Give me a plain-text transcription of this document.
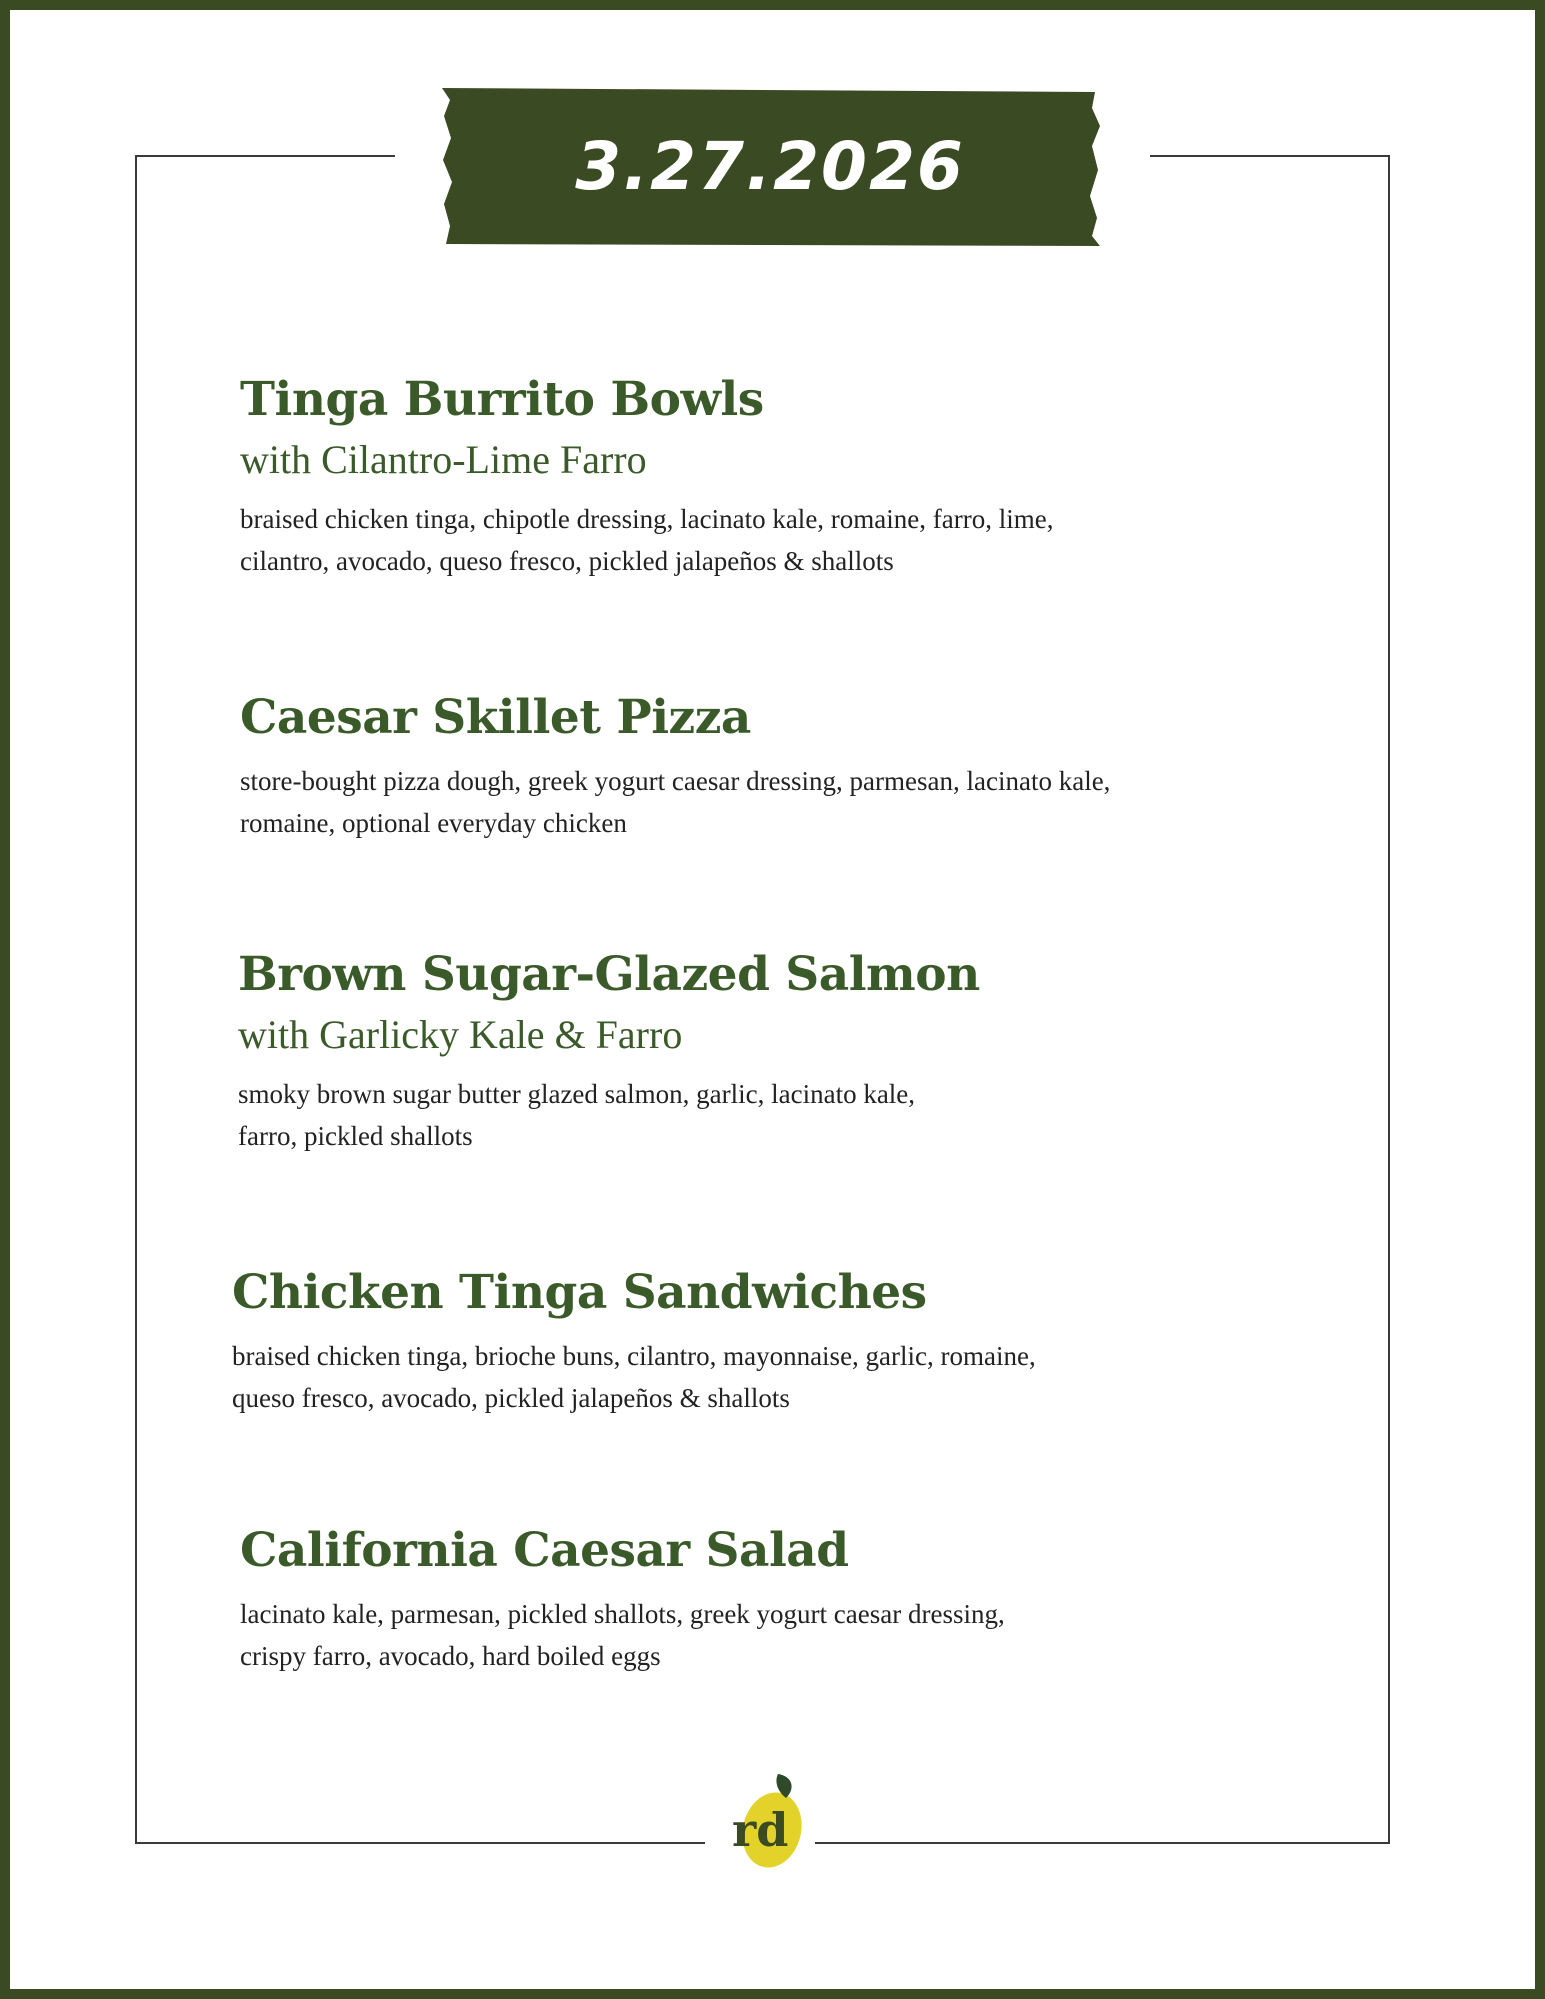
3.27.2026
Tinga Burrito Bowls
with Cilantro-Lime Farro
braised chicken tinga, chipotle dressing, lacinato kale, romaine, farro, lime,
cilantro, avocado, queso fresco, pickled jalapeños & shallots
Caesar Skillet Pizza
store-bought pizza dough, greek yogurt caesar dressing, parmesan, lacinato kale,
romaine, optional everyday chicken
Brown Sugar-Glazed Salmon
with Garlicky Kale & Farro
smoky brown sugar butter glazed salmon, garlic, lacinato kale,
farro, pickled shallots
Chicken Tinga Sandwiches
braised chicken tinga, brioche buns, cilantro, mayonnaise, garlic, romaine,
queso fresco, avocado, pickled jalapeños & shallots
California Caesar Salad
lacinato kale, parmesan, pickled shallots, greek yogurt caesar dressing,
crispy farro, avocado, hard boiled eggs
rd
